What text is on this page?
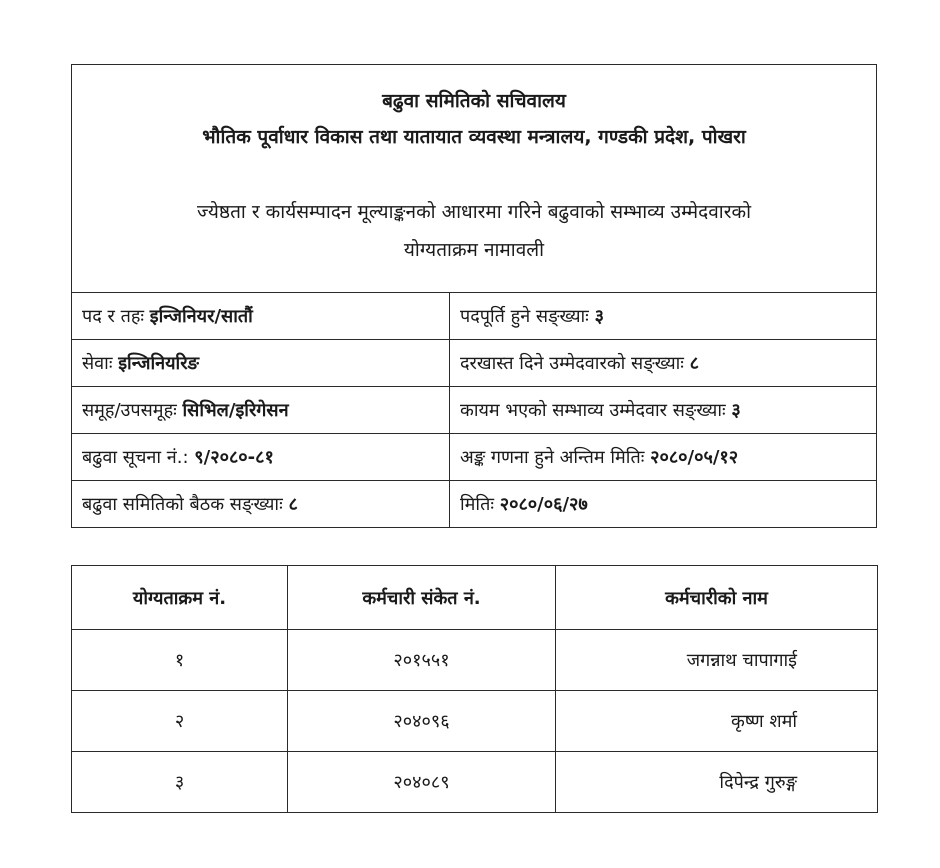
बढुवा समितिको सचिवालय
भौतिक पूर्वाधार विकास तथा यातायात व्यवस्था मन्त्रालय, गण्डकी प्रदेश, पोखरा
ज्येष्ठता र कार्यसम्पादन मूल्याङ्कनको आधारमा गरिने बढुवाको सम्भाव्य उम्मेदवारको
योग्यताक्रम नामावली
पद र तहः इन्जिनियर/सातौं	पदपूर्ति हुने सङ्ख्याः ३
सेवाः इन्जिनियरिङ	दरखास्त दिने उम्मेदवारको सङ्ख्याः ८
समूह/उपसमूहः सिभिल/इरिगेसन	कायम भएको सम्भाव्य उम्मेदवार सङ्ख्याः ३
बढुवा सूचना नं.: ९/२०८०-८१	अङ्क गणना हुने अन्तिम मितिः २०८०/०५/१२
बढुवा समितिको बैठक सङ्ख्याः ८	मितिः २०८०/०६/२७
योग्यताक्रम नं.	कर्मचारी संकेत नं.	कर्मचारीको नाम
१	२०१५५१	जगन्नाथ चापागाई
२	२०४०९६	कृष्ण शर्मा
३	२०४०८९	दिपेन्द्र गुरुङ्ग
